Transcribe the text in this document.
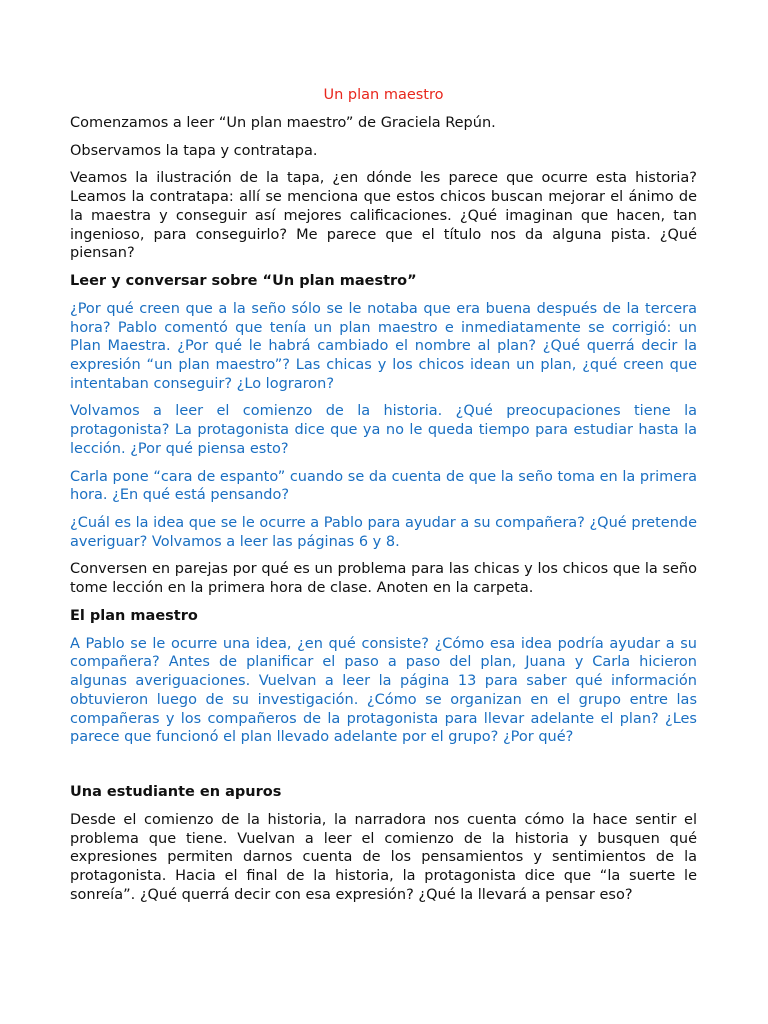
Un plan maestro

Comenzamos a leer “Un plan maestro” de Graciela Repún.

Observamos la tapa y contratapa.

Veamos la ilustración de la tapa, ¿en dónde les parece que ocurre esta historia? Leamos la contratapa: allí se menciona que estos chicos buscan mejorar el ánimo de la maestra y conseguir así mejores calificaciones. ¿Qué imaginan que hacen, tan ingenioso, para conseguirlo? Me parece que el título nos da alguna pista. ¿Qué piensan?

Leer y conversar sobre “Un plan maestro”

¿Por qué creen que a la seño sólo se le notaba que era buena después de la tercera hora? Pablo comentó que tenía un plan maestro e inmediatamente se corrigió: un Plan Maestra. ¿Por qué le habrá cambiado el nombre al plan? ¿Qué querrá decir la expresión “un plan maestro”? Las chicas y los chicos idean un plan, ¿qué creen que intentaban conseguir? ¿Lo lograron?

Volvamos a leer el comienzo de la historia. ¿Qué preocupaciones tiene la protagonista? La protagonista dice que ya no le queda tiempo para estudiar hasta la lección. ¿Por qué piensa esto?

Carla pone “cara de espanto” cuando se da cuenta de que la seño toma en la primera hora. ¿En qué está pensando?

¿Cuál es la idea que se le ocurre a Pablo para ayudar a su compañera? ¿Qué pretende averiguar? Volvamos a leer las páginas 6 y 8.

Conversen en parejas por qué es un problema para las chicas y los chicos que la seño tome lección en la primera hora de clase. Anoten en la carpeta.

El plan maestro

A Pablo se le ocurre una idea, ¿en qué consiste? ¿Cómo esa idea podría ayudar a su compañera? Antes de planificar el paso a paso del plan, Juana y Carla hicieron algunas averiguaciones. Vuelvan a leer la página 13 para saber qué información obtuvieron luego de su investigación. ¿Cómo se organizan en el grupo entre las compañeras y los compañeros de la protagonista para llevar adelante el plan? ¿Les parece que funcionó el plan llevado adelante por el grupo? ¿Por qué?

Una estudiante en apuros

Desde el comienzo de la historia, la narradora nos cuenta cómo la hace sentir el problema que tiene. Vuelvan a leer el comienzo de la historia y busquen qué expresiones permiten darnos cuenta de los pensamientos y sentimientos de la protagonista. Hacia el final de la historia, la protagonista dice que “la suerte le sonreía”. ¿Qué querrá decir con esa expresión? ¿Qué la llevará a pensar eso?
